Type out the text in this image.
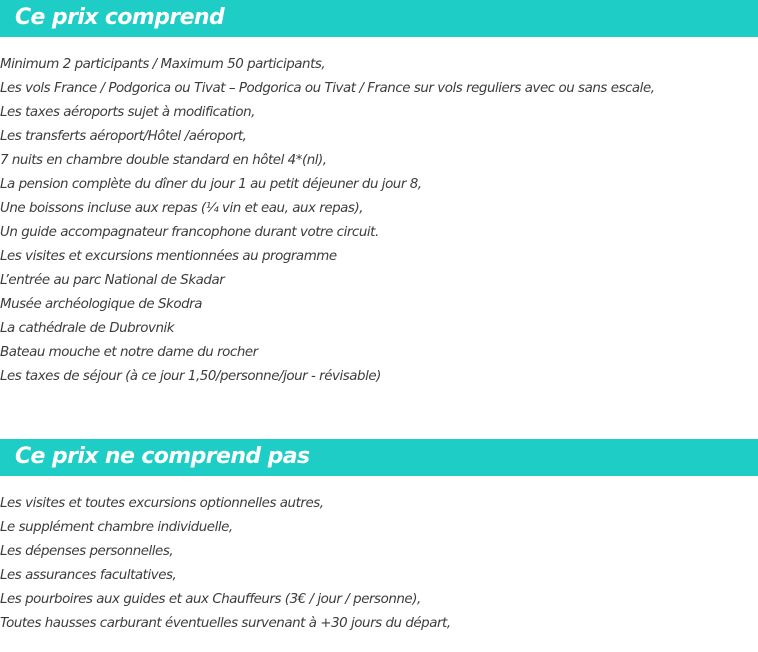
Ce prix comprend
Minimum 2 participants / Maximum 50 participants,
Les vols France / Podgorica ou Tivat – Podgorica ou Tivat / France sur vols reguliers avec ou sans escale,
Les taxes aéroports sujet à modification,
Les transferts aéroport/Hôtel /aéroport,
7 nuits en chambre double standard en hôtel 4*(nl),
La pension complète du dîner du jour 1 au petit déjeuner du jour 8,
Une boissons incluse aux repas (¼ vin et eau, aux repas),
Un guide accompagnateur francophone durant votre circuit.
Les visites et excursions mentionnées au programme
L’entrée au parc National de Skadar
Musée archéologique de Skodra
La cathédrale de Dubrovnik
Bateau mouche et notre dame du rocher
Les taxes de séjour (à ce jour 1,50/personne/jour - révisable)
Ce prix ne comprend pas
Les visites et toutes excursions optionnelles autres,
Le supplément chambre individuelle,
Les dépenses personnelles,
Les assurances facultatives,
Les pourboires aux guides et aux Chauffeurs (3€ / jour / personne),
Toutes hausses carburant éventuelles survenant à +30 jours du départ,
